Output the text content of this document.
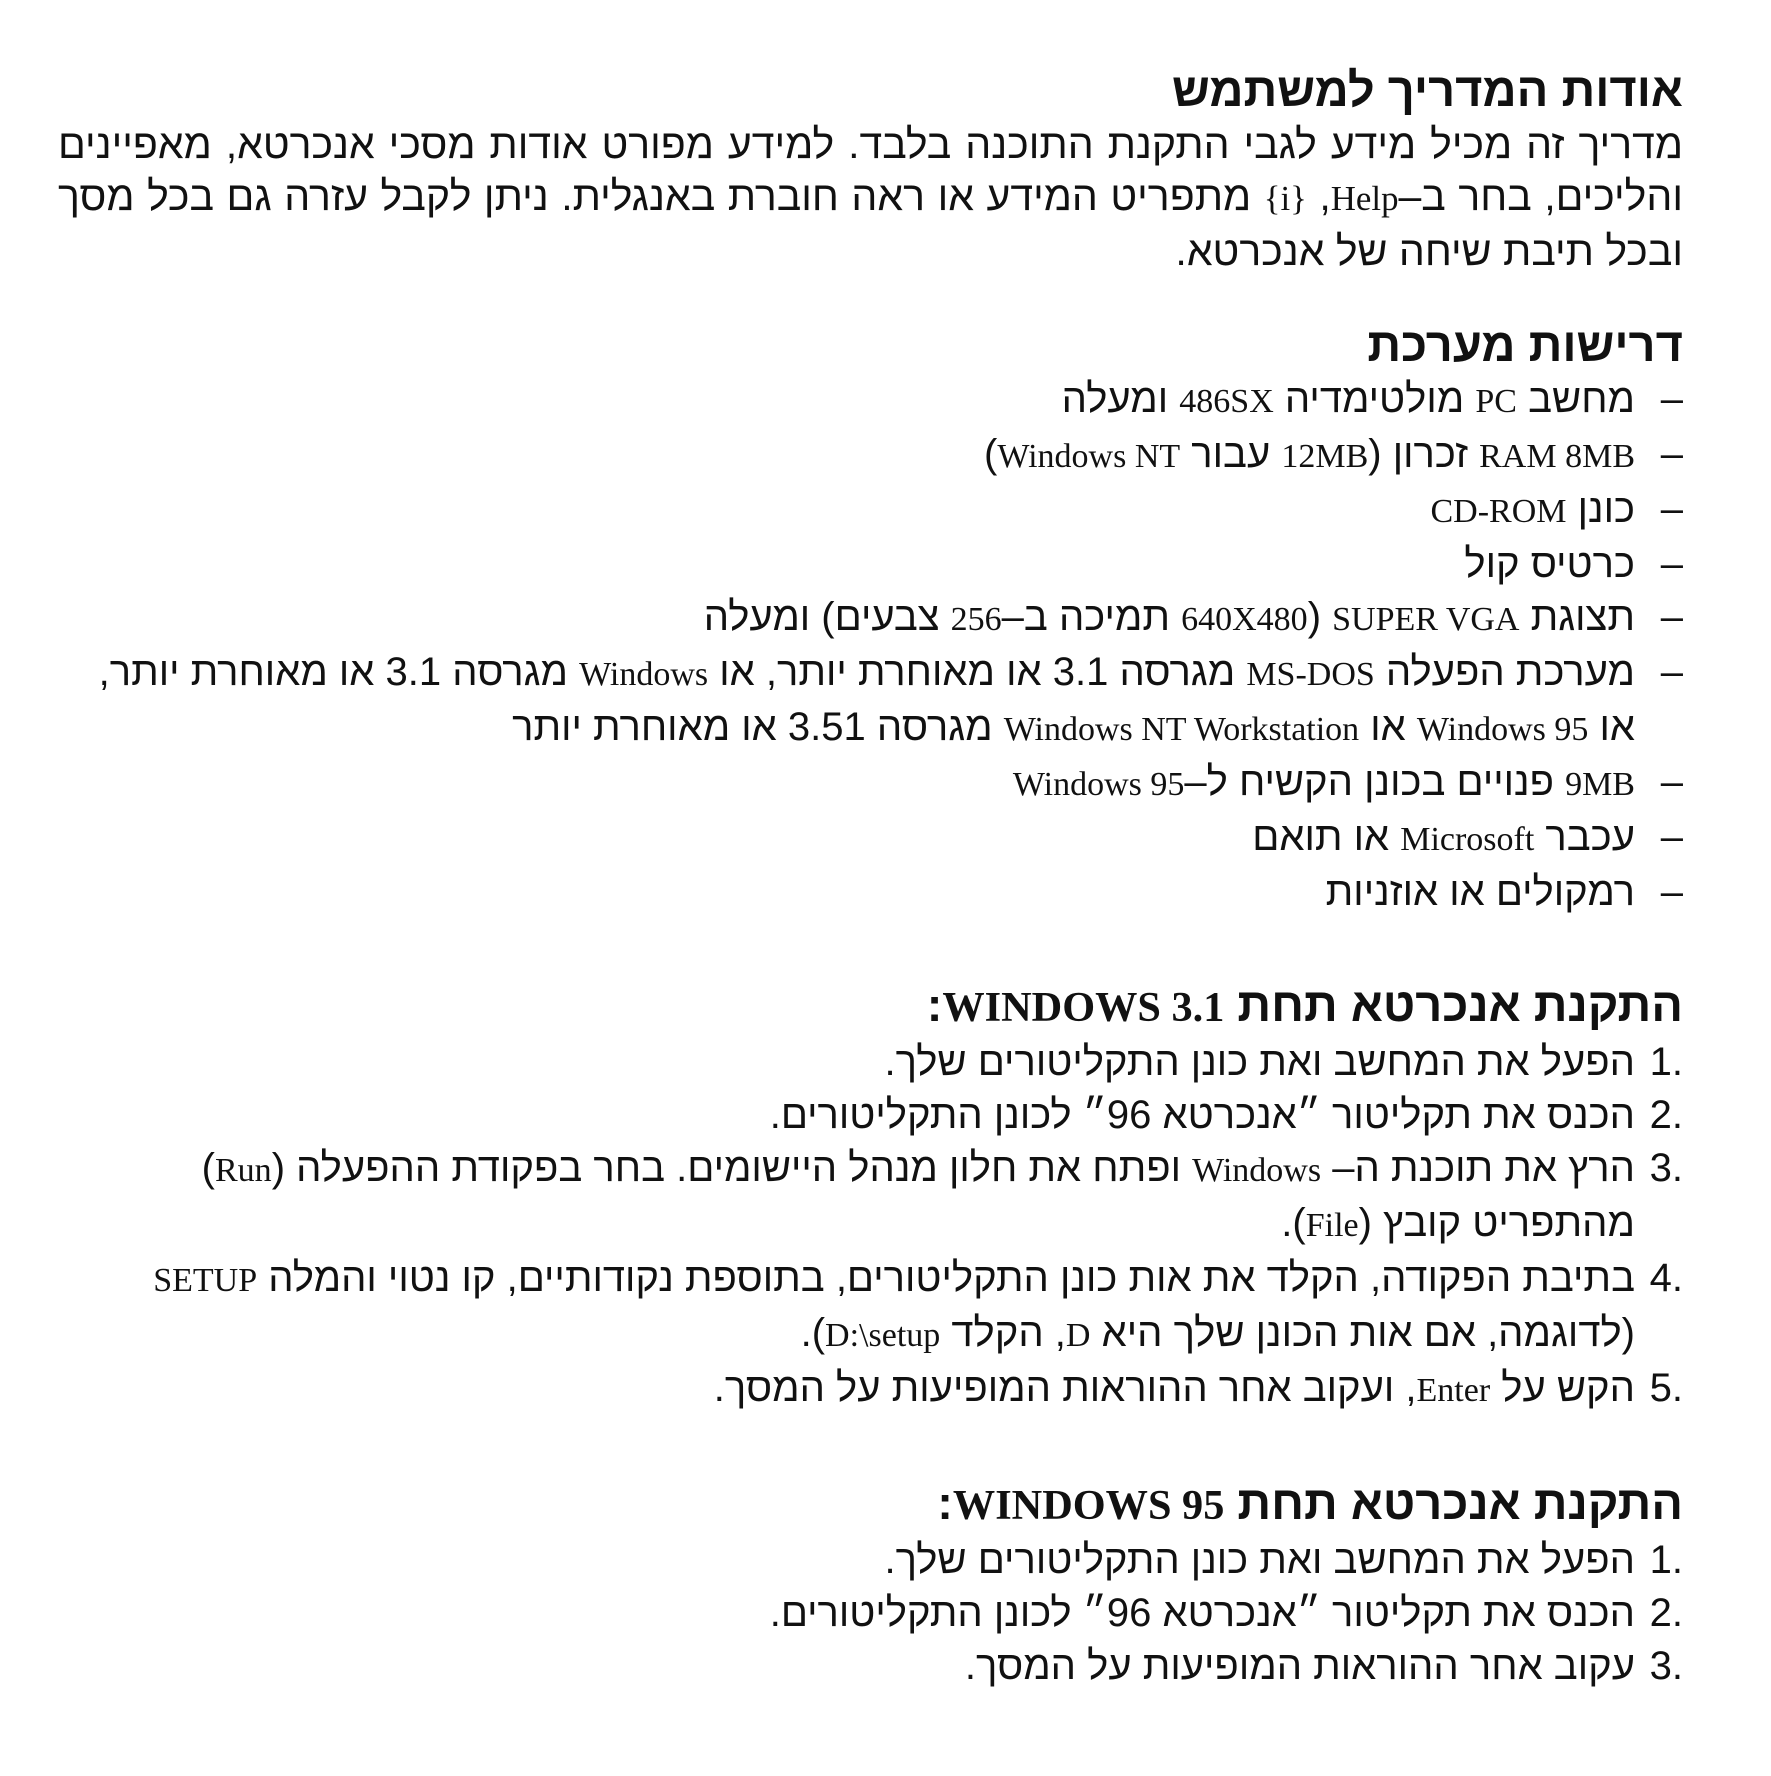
אודות המדריך למשתמש

מדריך זה מכיל מידע לגבי התקנת התוכנה בלבד. למידע מפורט אודות מסכי אנכרטא, מאפיינים והליכים, בחר ב–Help, {i} מתפריט המידע או ראה חוברת באנגלית. ניתן לקבל עזרה גם בכל מסך ובכל תיבת שיחה של אנכרטא.

דרישות מערכת
–
מחשב PC מולטימדיה 486SX ומעלה
–
RAM 8MB זכרון (12MB עבור Windows NT)
–
כונן CD-ROM
–
כרטיס קול
–
תצוגת SUPER VGA (640X480 תמיכה ב–256 צבעים) ומעלה
–
מערכת הפעלה MS-DOS מגרסה 3.1 או מאוחרת יותר, או Windows מגרסה 3.1 או מאוחרת יותר, או Windows 95 או Windows NT Workstation מגרסה 3.51 או מאוחרת יותר
–
9MB פנויים בכונן הקשיח ל–Windows 95
–
עכבר Microsoft או תואם
–
רמקולים או אוזניות
התקנת אנכרטא תחת WINDOWS 3.1:
1.
הפעל את המחשב ואת כונן התקליטורים שלך.
2.
הכנס את תקליטור ״אנכרטא 96״ לכונן התקליטורים.
3.
הרץ את תוכנת ה– Windows ופתח את חלון מנהל היישומים. בחר בפקודת ההפעלה (Run) מהתפריט קובץ (File).
4.
בתיבת הפקודה, הקלד את אות כונן התקליטורים, בתוספת נקודותיים, קו נטוי והמלה SETUP (לדוגמה, אם אות הכונן שלך היא D, הקלד D:\setup).
5.
הקש על Enter, ועקוב אחר ההוראות המופיעות על המסך.
התקנת אנכרטא תחת WINDOWS 95:
1.
הפעל את המחשב ואת כונן התקליטורים שלך.
2.
הכנס את תקליטור ״אנכרטא 96״ לכונן התקליטורים.
3.
עקוב אחר ההוראות המופיעות על המסך.
